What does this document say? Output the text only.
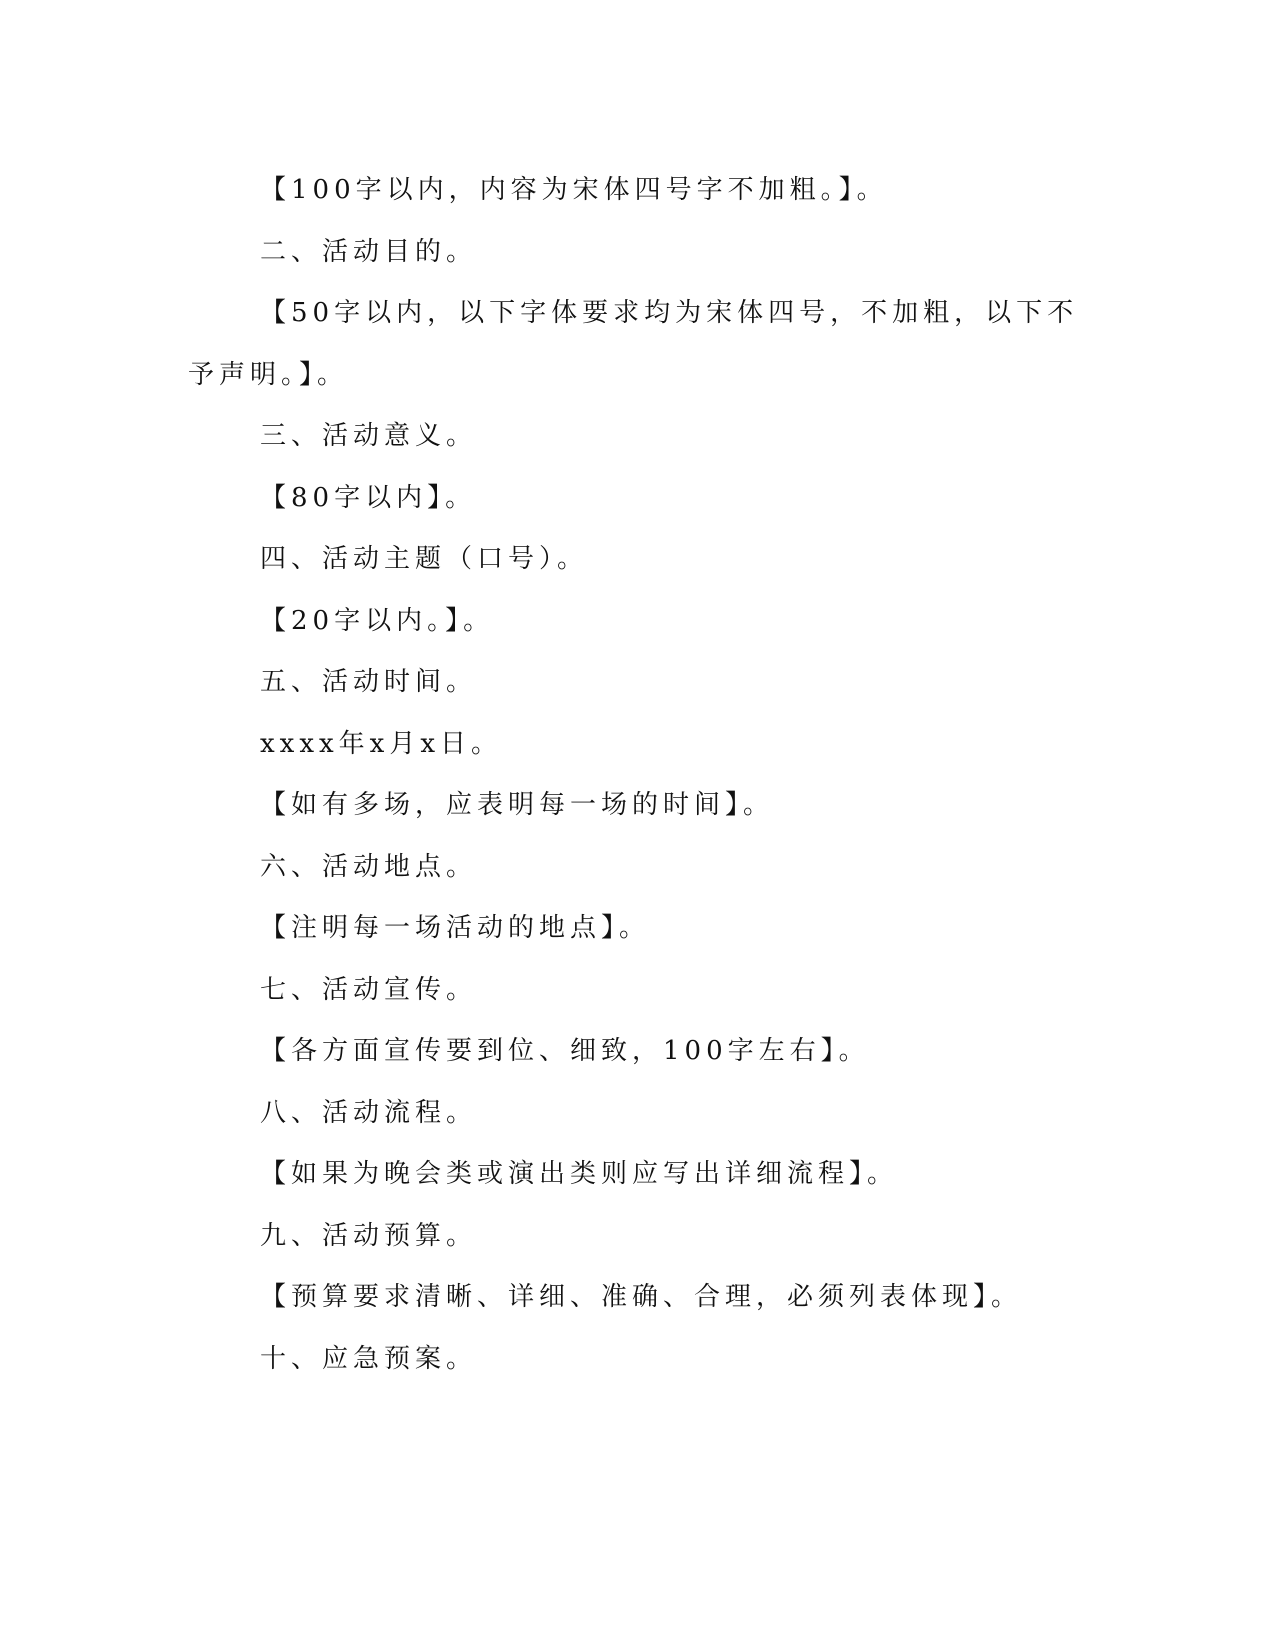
【100字以内，内容为宋体四号字不加粗。】。

二、活动目的。

【50字以内，以下字体要求均为宋体四号，不加粗，以下不予声明。】。

三、活动意义。

【80字以内】。

四、活动主题（口号）。

【20字以内。】。

五、活动时间。

xxxx年x月x日。

【如有多场，应表明每一场的时间】。

六、活动地点。

【注明每一场活动的地点】。

七、活动宣传。

【各方面宣传要到位、细致，100字左右】。

八、活动流程。

【如果为晚会类或演出类则应写出详细流程】。

九、活动预算。

【预算要求清晰、详细、准确、合理，必须列表体现】。

十、应急预案。
